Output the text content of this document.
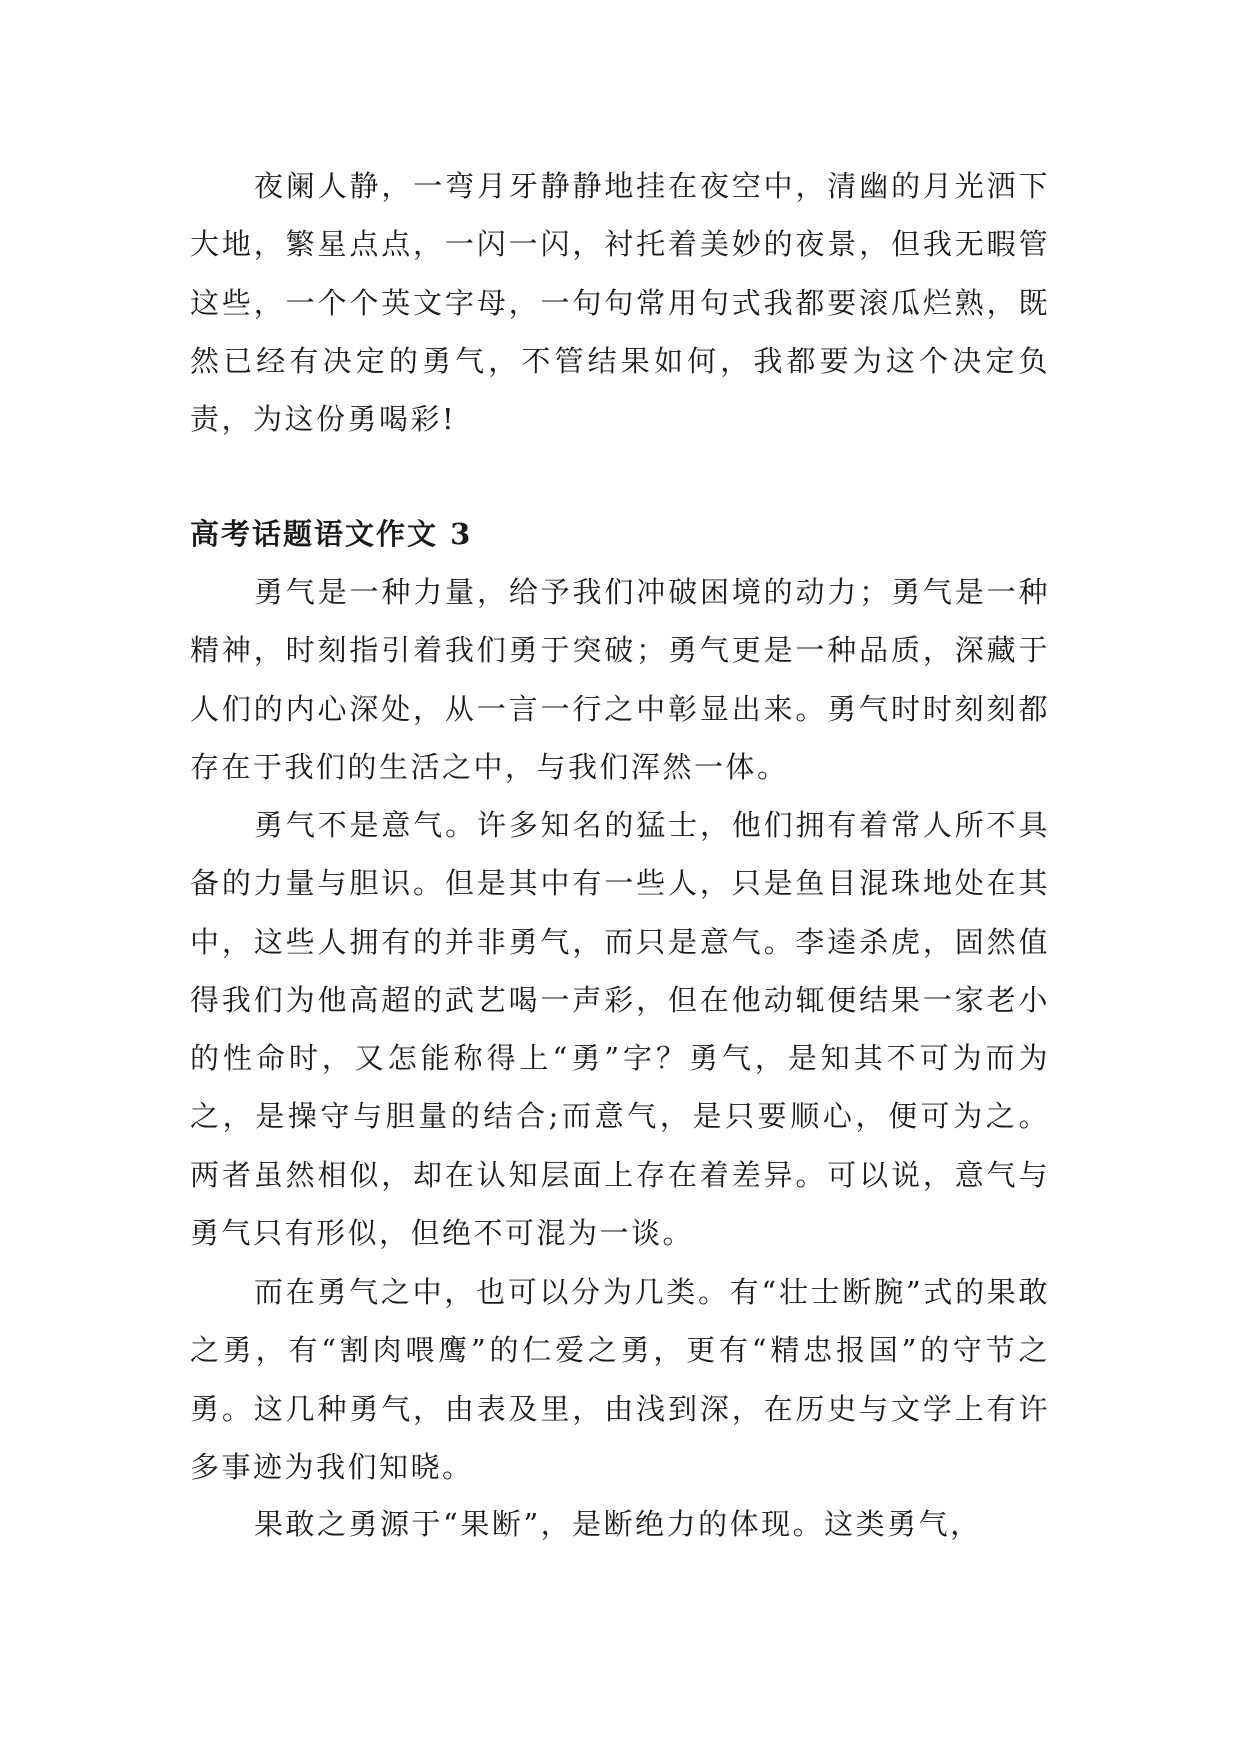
夜阑人静，一弯月牙静静地挂在夜空中，清幽的月光洒下大地，繁星点点，一闪一闪，衬托着美妙的夜景，但我无暇管这些，一个个英文字母，一句句常用句式我都要滚瓜烂熟，既然已经有决定的勇气，不管结果如何，我都要为这个决定负责，为这份勇喝彩!

高考话题语文作文 3

勇气是一种力量，给予我们冲破困境的动力；勇气是一种精神，时刻指引着我们勇于突破；勇气更是一种品质，深藏于人们的内心深处，从一言一行之中彰显出来。勇气时时刻刻都存在于我们的生活之中，与我们浑然一体。

勇气不是意气。许多知名的猛士，他们拥有着常人所不具备的力量与胆识。但是其中有一些人，只是鱼目混珠地处在其中，这些人拥有的并非勇气，而只是意气。李逵杀虎，固然值得我们为他高超的武艺喝一声彩，但在他动辄便结果一家老小的性命时，又怎能称得上“勇”字？勇气，是知其不可为而为之，是操守与胆量的结合;而意气，是只要顺心，便可为之。两者虽然相似，却在认知层面上存在着差异。可以说，意气与勇气只有形似，但绝不可混为一谈。

而在勇气之中，也可以分为几类。有“壮士断腕”式的果敢之勇，有“割肉喂鹰”的仁爱之勇，更有“精忠报国”的守节之勇。这几种勇气，由表及里，由浅到深，在历史与文学上有许多事迹为我们知晓。

果敢之勇源于“果断”，是断绝力的体现。这类勇气，
